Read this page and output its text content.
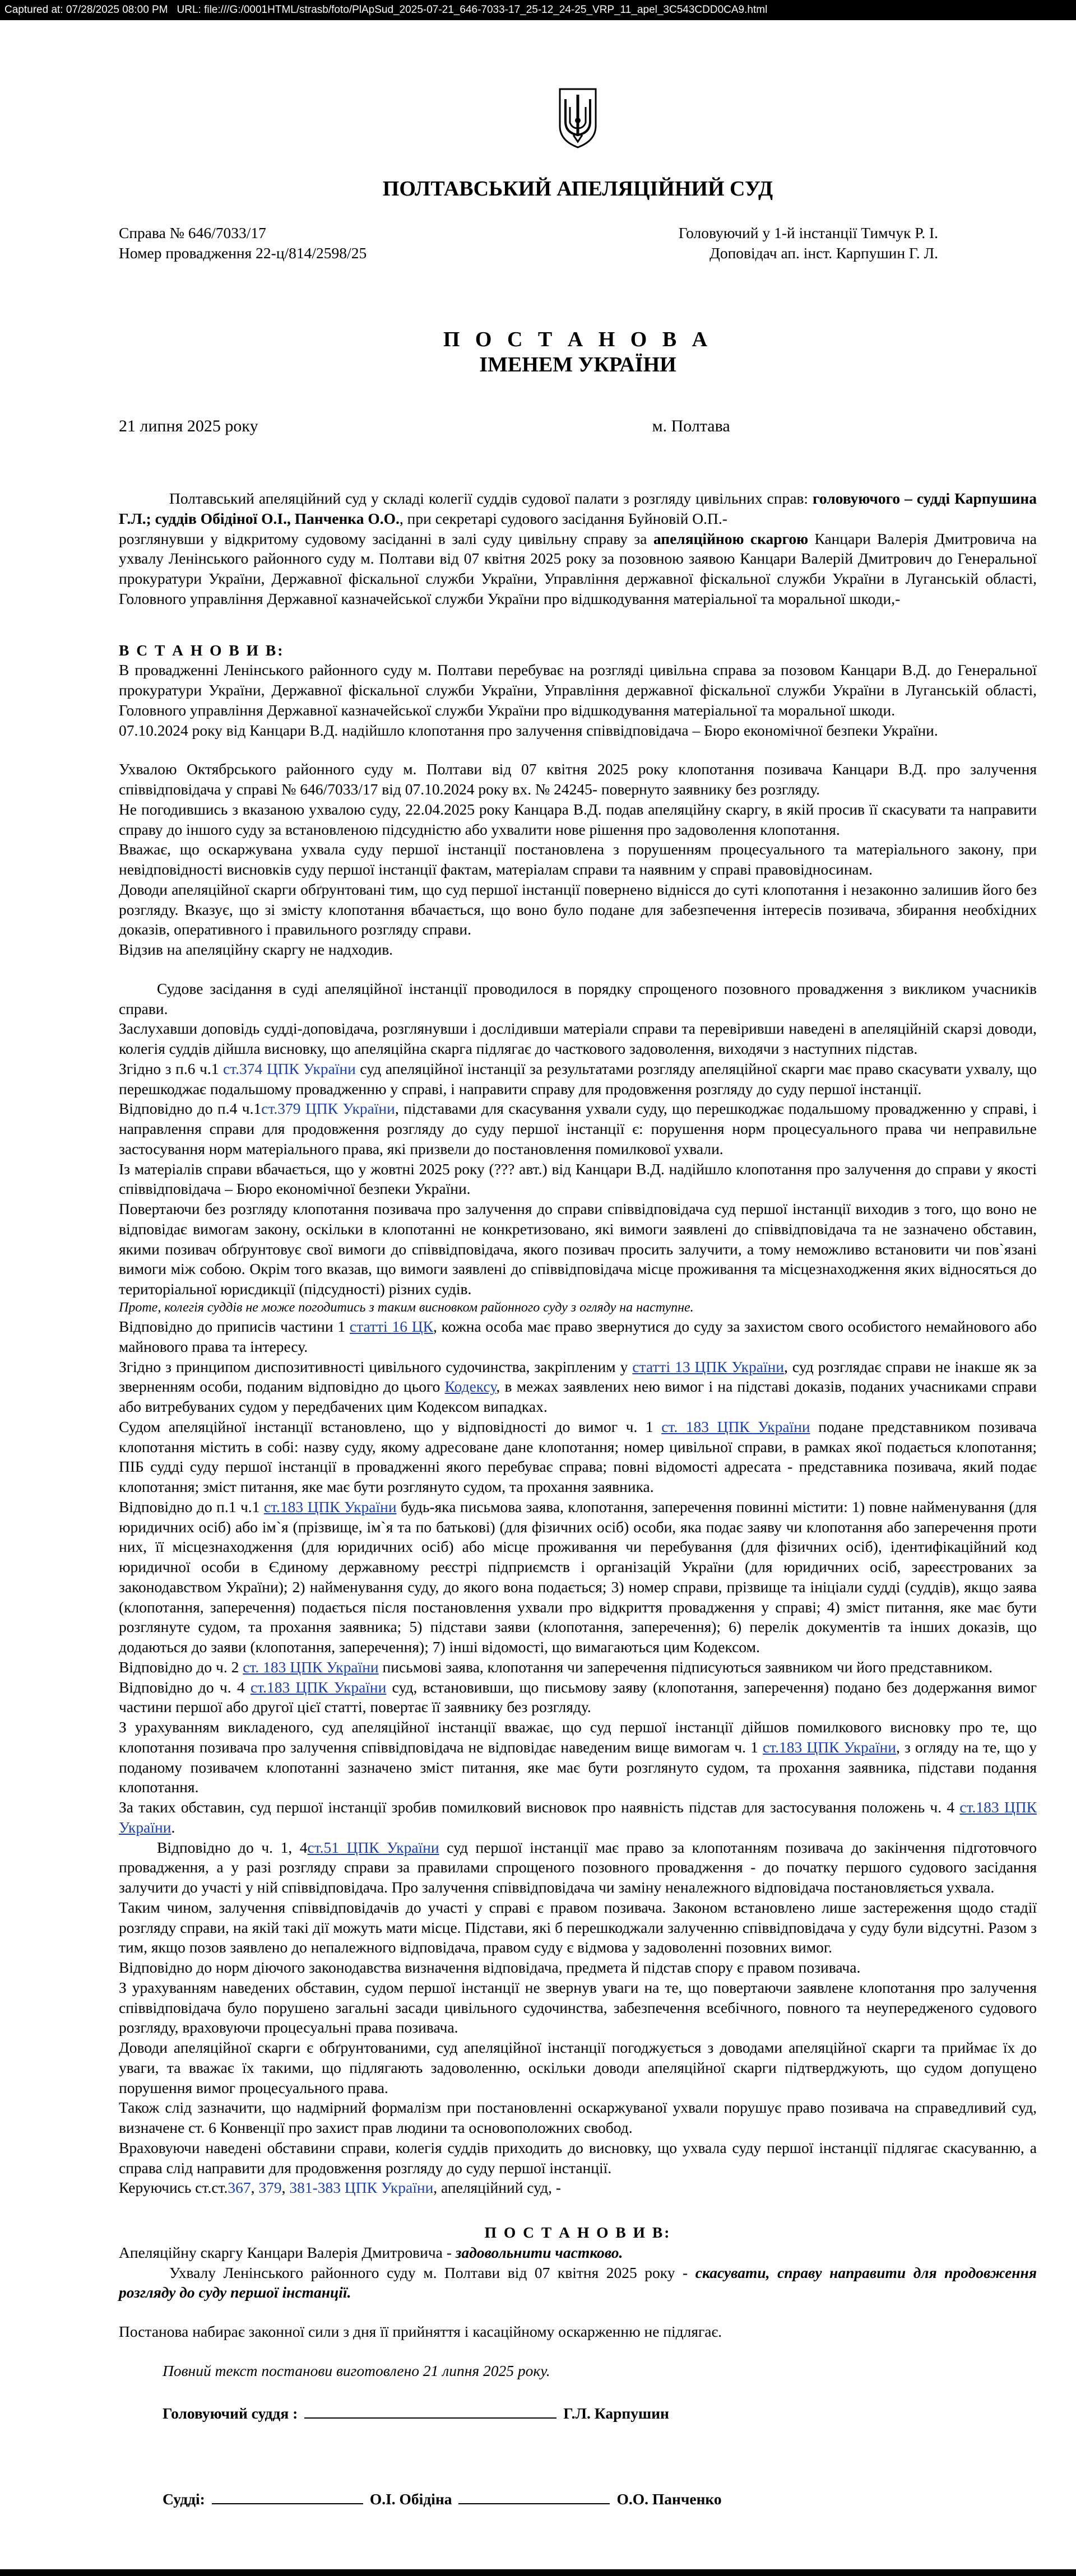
Captured at: 07/28/2025 08:00 PM URL: file:///G:/0001HTML/strasb/foto/PlApSud_2025-07-21_646-7033-17_25-12_24-25_VRP_11_apel_3C543CDD0CA9.html
ПОЛТАВСЬКИЙ АПЕЛЯЦІЙНИЙ СУД
Справа № 646/7033/17
Номер провадження 22-ц/814/2598/25
Головуючий у 1-й інстанції Тимчук Р. І.
Доповідач ап. інст. Карпушин Г. Л.
П О С Т А Н О В А
ІМЕНЕМ УКРАЇНИ
21 липня 2025 року	м. Полтава

Полтавський апеляційний суд у складі колегії суддів судової палати з розгляду цивільних справ: головуючого – судді Карпушина Г.Л.; суддів Обідіної О.І., Панченка О.О., при секретарі судового засідання Буйновій О.П.-

розглянувши у відкритому судовому засіданні в залі суду цивільну справу за апеляційною скаргою Канцари Валерія Дмитровича на ухвалу Ленінського районного суду м. Полтави від 07 квітня 2025 року за позовною заявою Канцари Валерій Дмитрович до Генеральної прокуратури України, Державної фіскальної служби України, Управління державної фіскальної служби України в Луганській області, Головного управління Державної казначейської служби України про відшкодування матеріальної та моральної шкоди,-

В С Т А Н О В И В:

В провадженні Ленінського районного суду м. Полтави перебуває на розгляді цивільна справа за позовом Канцари В.Д. до Генеральної прокуратури України, Державної фіскальної служби України, Управління державної фіскальної служби України в Луганській області, Головного управління Державної казначейської служби України про відшкодування матеріальної та моральної шкоди.

07.10.2024 року від Канцари В.Д. надійшло клопотання про залучення співвідповідача – Бюро економічної безпеки України.

Ухвалою Октябрського районного суду м. Полтави від 07 квітня 2025 року клопотання позивача Канцари В.Д. про залучення співвідповідача у справі № 646/7033/17 від 07.10.2024 року вх. № 24245- повернуто заявнику без розгляду.

Не погодившись з вказаною ухвалою суду, 22.04.2025 року Канцара В.Д. подав апеляційну скаргу, в якій просив її скасувати та направити справу до іншого суду за встановленою підсудністю або ухвалити нове рішення про задоволення клопотання.

Вважає, що оскаржувана ухвала суду першої інстанції постановлена з порушенням процесуального та матеріального закону, при невідповідності висновків суду першої інстанції фактам, матеріалам справи та наявним у справі правовідносинам.

Доводи апеляційної скарги обґрунтовані тим, що суд першої інстанції повернено віднісся до суті клопотання і незаконно залишив його без розгляду. Вказує, що зі змісту клопотання вбачається, що воно було подане для забезпечення інтересів позивача, збирання необхідних доказів, оперативного і правильного розгляду справи.

Відзив на апеляційну скаргу не надходив.

Судове засідання в суді апеляційної інстанції проводилося в порядку спрощеного позовного провадження з викликом учасників справи.

Заслухавши доповідь судді-доповідача, розглянувши і дослідивши матеріали справи та перевіривши наведені в апеляційній скарзі доводи, колегія суддів дійшла висновку, що апеляційна скарга підлягає до часткового задоволення, виходячи з наступних підстав.

Згідно з п.6 ч.1 ст.374 ЦПК України суд апеляційної інстанції за результатами розгляду апеляційної скарги має право скасувати ухвалу, що перешкоджає подальшому провадженню у справі, і направити справу для продовження розгляду до суду першої інстанції.

Відповідно до п.4 ч.1ст.379 ЦПК України, підставами для скасування ухвали суду, що перешкоджає подальшому провадженню у справі, і направлення справи для продовження розгляду до суду першої інстанції є: порушення норм процесуального права чи неправильне застосування норм матеріального права, які призвели до постановлення помилкової ухвали.

Із матеріалів справи вбачається, що у жовтні 2025 року (??? авт.) від Канцари В.Д. надійшло клопотання про залучення до справи у якості співвідповідача – Бюро економічної безпеки України.

Повертаючи без розгляду клопотання позивача про залучення до справи співвідповідача суд першої інстанції виходив з того, що воно не відповідає вимогам закону, оскільки в клопотанні не конкретизовано, які вимоги заявлені до співвідповідача та не зазначено обставин, якими позивач обґрунтовує свої вимоги до співвідповідача, якого позивач просить залучити, а тому неможливо встановити чи пов`язані вимоги між собою. Окрім того вказав, що вимоги заявлені до співвідповідача місце проживання та місцезнаходження яких відносяться до територіальної юрисдикції (підсудності) різних судів.

Проте, колегія суддів не може погодитись з таким висновком районного суду з огляду на наступне.

Відповідно до приписів частини 1 статті 16 ЦК, кожна особа має право звернутися до суду за захистом свого особистого немайнового або майнового права та інтересу.

Згідно з принципом диспозитивності цивільного судочинства, закріпленим у статті 13 ЦПК України, суд розглядає справи не інакше як за зверненням особи, поданим відповідно до цього Кодексу, в межах заявлених нею вимог і на підставі доказів, поданих учасниками справи або витребуваних судом у передбачених цим Кодексом випадках.

Судом апеляційної інстанції встановлено, що у відповідності до вимог ч. 1 ст. 183 ЦПК України подане представником позивача клопотання містить в собі: назву суду, якому адресоване дане клопотання; номер цивільної справи, в рамках якої подається клопотання; ПІБ судді суду першої інстанції в провадженні якого перебуває справа; повні відомості адресата - представника позивача, який подає клопотання; зміст питання, яке має бути розглянуто судом, та прохання заявника.

Відповідно до п.1 ч.1 ст.183 ЦПК України будь-яка письмова заява, клопотання, заперечення повинні містити: 1) повне найменування (для юридичних осіб) або ім`я (прізвище, ім`я та по батькові) (для фізичних осіб) особи, яка подає заяву чи клопотання або заперечення проти них, її місцезнаходження (для юридичних осіб) або місце проживання чи перебування (для фізичних осіб), ідентифікаційний код юридичної особи в Єдиному державному реєстрі підприємств і організацій України (для юридичних осіб, зареєстрованих за законодавством України); 2) найменування суду, до якого вона подається; 3) номер справи, прізвище та ініціали судді (суддів), якщо заява (клопотання, заперечення) подається після постановлення ухвали про відкриття провадження у справі; 4) зміст питання, яке має бути розглянуте судом, та прохання заявника; 5) підстави заяви (клопотання, заперечення); 6) перелік документів та інших доказів, що додаються до заяви (клопотання, заперечення); 7) інші відомості, що вимагаються цим Кодексом.

Відповідно до ч. 2 ст. 183 ЦПК України письмові заява, клопотання чи заперечення підписуються заявником чи його представником.

Відповідно до ч. 4 ст.183 ЦПК України суд, встановивши, що письмову заяву (клопотання, заперечення) подано без додержання вимог частини першої або другої цієї статті, повертає її заявнику без розгляду.

З урахуванням викладеного, суд апеляційної інстанції вважає, що суд першої інстанції дійшов помилкового висновку про те, що клопотання позивача про залучення співвідповідача не відповідає наведеним вище вимогам ч. 1 ст.183 ЦПК України, з огляду на те, що у поданому позивачем клопотанні зазначено зміст питання, яке має бути розглянуто судом, та прохання заявника, підстави подання клопотання.

За таких обставин, суд першої інстанції зробив помилковий висновок про наявність підстав для застосування положень ч. 4 ст.183 ЦПК України.

Відповідно до ч. 1, 4ст.51 ЦПК України суд першої інстанції має право за клопотанням позивача до закінчення підготовчого провадження, а у разі розгляду справи за правилами спрощеного позовного провадження - до початку першого судового засідання залучити до участі у ній співвідповідача. Про залучення співвідповідача чи заміну неналежного відповідача постановляється ухвала.

Таким чином, залучення співвідповідачів до участі у справі є правом позивача. Законом встановлено лише застереження щодо стадії розгляду справи, на якій такі дії можуть мати місце. Підстави, які б перешкоджали залученню співвідповідача у суду були відсутні. Разом з тим, якщо позов заявлено до непалежного відповідача, правом суду є відмова у задоволенні позовних вимог.

Відповідно до норм діючого законодавства визначення відповідача, предмета й підстав спору є правом позивача.

З урахуванням наведених обставин, судом першої інстанції не звернув уваги на те, що повертаючи заявлене клопотання про залучення співвідповідача було порушено загальні засади цивільного судочинства, забезпечення всебічного, повного та неупередженого судового розгляду, враховуючи процесуальні права позивача.

Доводи апеляційної скарги є обґрунтованими, суд апеляційної інстанції погоджується з доводами апеляційної скарги та приймає їх до уваги, та вважає їх такими, що підлягають задоволенню, оскільки доводи апеляційної скарги підтверджують, що судом допущено порушення вимог процесуального права.

Також слід зазначити, що надмірний формалізм при постановленні оскаржуваної ухвали порушує право позивача на справедливий суд, визначене ст. 6 Конвенції про захист прав людини та основоположних свобод.

Враховуючи наведені обставини справи, колегія суддів приходить до висновку, що ухвала суду першої інстанції підлягає скасуванню, а справа слід направити для продовження розгляду до суду першої інстанції.

Керуючись ст.ст.367, 379, 381-383 ЦПК України, апеляційний суд, -

П О С Т А Н О В И В:

Апеляційну скаргу Канцари Валерія Дмитровича - задовольнити частково.

Ухвалу Ленінського районного суду м. Полтави від 07 квітня 2025 року - скасувати, справу направити для продовження розгляду до суду першої інстанції.

Постанова набирає законної сили з дня її прийняття і касаційному оскарженню не підлягає.

Повний текст постанови виготовлено 21 липня 2025 року.
Головуючий суддя :	Г.Л. Карпушин
Судді:	О.І. Обідіна	О.О. Панченко
